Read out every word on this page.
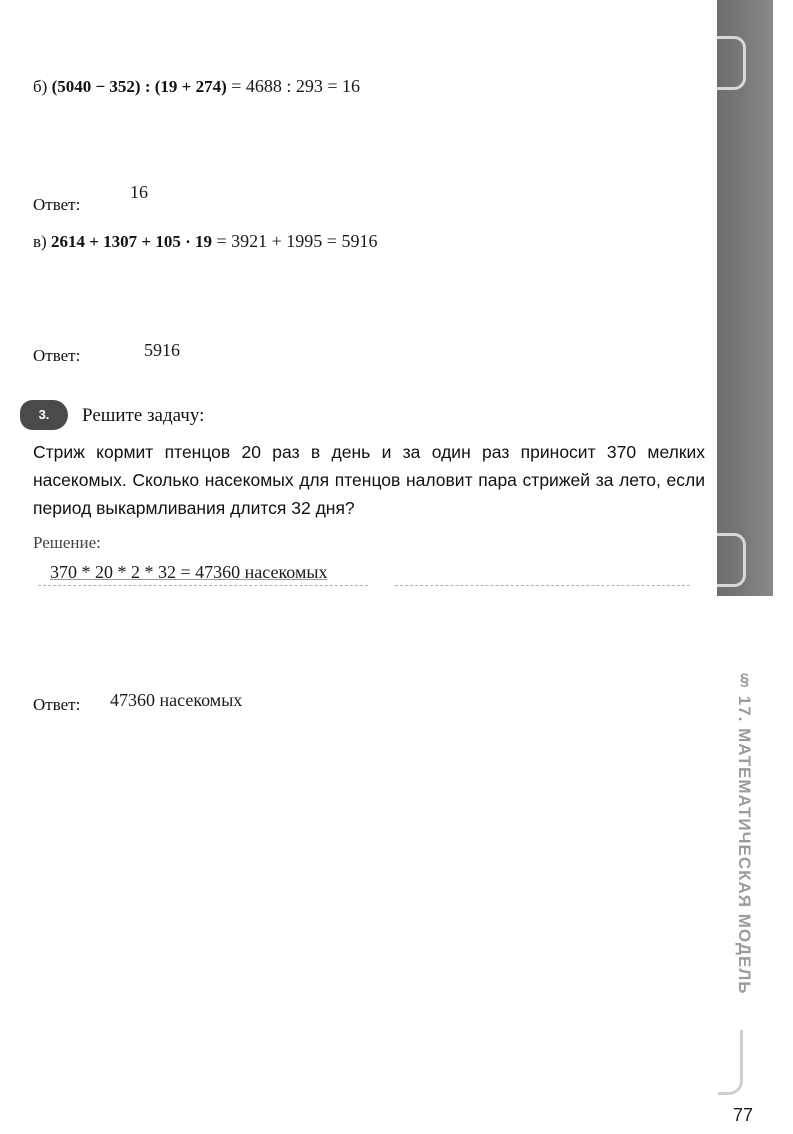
б) (5040 − 352) : (19 + 274) = 4688 : 293 = 16
Ответ:
16
в) 2614 + 1307 + 105 · 19 = 3921 + 1995 = 5916
Ответ:	5916
3.	Решите задачу:
Стриж кормит птенцов 20 раз в день и за один раз приносит 370 мелких насекомых. Сколько насекомых для птенцов наловит пара стрижей за лето, если период выкармливания длится 32 дня?
Решение:
370 * 20 * 2 * 32 = 47360 насекомых
Ответ: 47360 насекомых	§ 17. МАТЕМАТИЧЕСКАЯ МОДЕЛЬ
77
